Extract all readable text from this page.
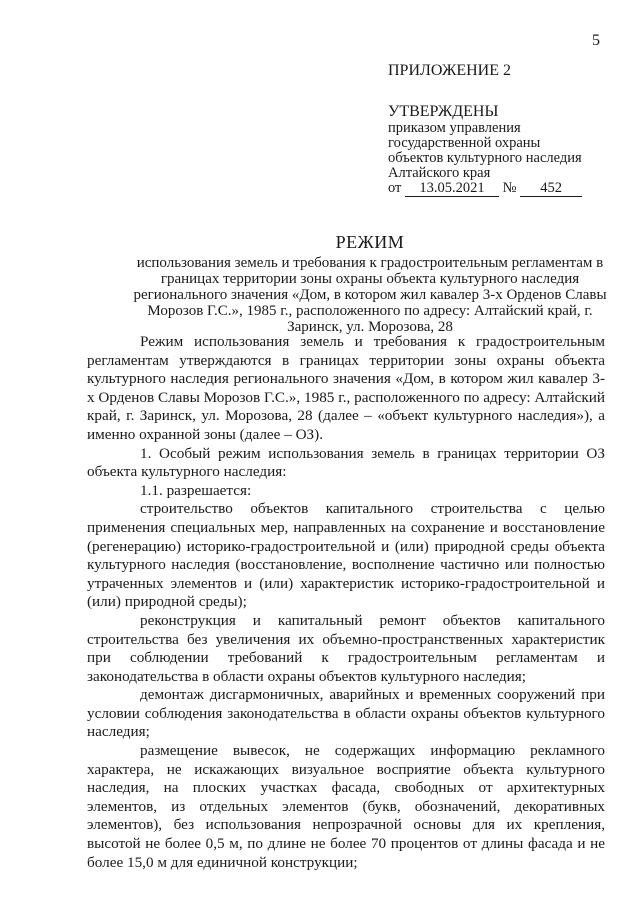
5
ПРИЛОЖЕНИЕ 2
УТВЕРЖДЕНЫ
приказом управления
государственной охраны
объектов культурного наследия
Алтайского края
от 13.05.2021 № 452
РЕЖИМ
использования земель и требования к градостроительным регламентам в границах территории зоны охраны объекта культурного наследия регионального значения «Дом, в котором жил кавалер 3-х Орденов Славы Морозов Г.С.», 1985 г., расположенного по адресу: Алтайский край, г. Заринск, ул. Морозова, 28

Режим использования земель и требования к градостроительным регламентам утверждаются в границах территории зоны охраны объекта культурного наследия регионального значения «Дом, в котором жил кавалер 3-х Орденов Славы Морозов Г.С.», 1985 г., расположенного по адресу: Алтайский край, г. Заринск, ул. Морозова, 28 (далее – «объект культурного наследия»), а именно охранной зоны (далее – ОЗ).

1. Особый режим использования земель в границах территории ОЗ объекта культурного наследия:

1.1. разрешается:

строительство объектов капитального строительства с целью применения специальных мер, направленных на сохранение и восстановление (регенерацию) историко-градостроительной и (или) природной среды объекта культурного наследия (восстановление, восполнение частично или полностью утраченных элементов и (или) характеристик историко-градостроительной и (или) природной среды);

реконструкция и капитальный ремонт объектов капитального строительства без увеличения их объемно-пространственных характеристик при соблюдении требований к градостроительным регламентам и законодательства в области охраны объектов культурного наследия;

демонтаж дисгармоничных, аварийных и временных сооружений при условии соблюдения законодательства в области охраны объектов культурного наследия;

размещение вывесок, не содержащих информацию рекламного характера, не искажающих визуальное восприятие объекта культурного наследия, на плоских участках фасада, свободных от архитектурных элементов, из отдельных элементов (букв, обозначений, декоративных элементов), без использования непрозрачной основы для их крепления, высотой не более 0,5 м, по длине не более 70 процентов от длины фасада и не более 15,0 м для единичной конструкции;
